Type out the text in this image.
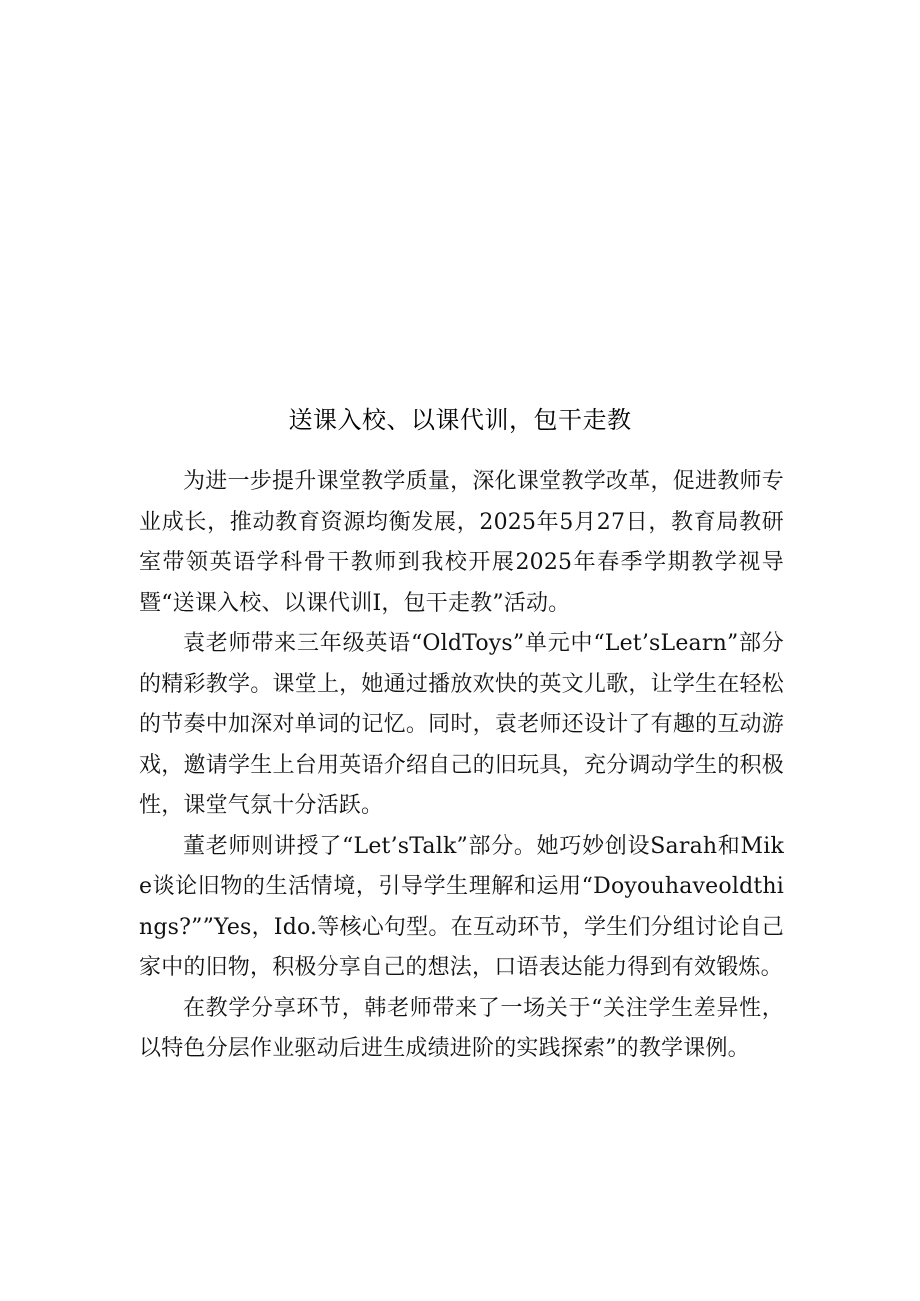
送课入校、以课代训，包干走教

为进一步提升课堂教学质量，深化课堂教学改革，促进教师专业成长，推动教育资源均衡发展，2025年5月27日，教育局教研室带领英语学科骨干教师到我校开展2025年春季学期教学视导暨“送课入校、以课代训I，包干走教”活动。

袁老师带来三年级英语“OldToys”单元中“Let’sLearn”部分的精彩教学。课堂上，她通过播放欢快的英文儿歌，让学生在轻松的节奏中加深对单词的记忆。同时，袁老师还设计了有趣的互动游戏，邀请学生上台用英语介绍自己的旧玩具，充分调动学生的积极性，课堂气氛十分活跃。

董老师则讲授了“Let’sTalk”部分。她巧妙创设Sarah和Mike谈论旧物的生活情境，引导学生理解和运用“Doyouhaveoldthings?””Yes，Ido.等核心句型。在互动环节，学生们分组讨论自己家中的旧物，积极分享自己的想法，口语表达能力得到有效锻炼。

在教学分享环节，韩老师带来了一场关于“关注学生差异性，以特色分层作业驱动后进生成绩进阶的实践探索”的教学课例。
